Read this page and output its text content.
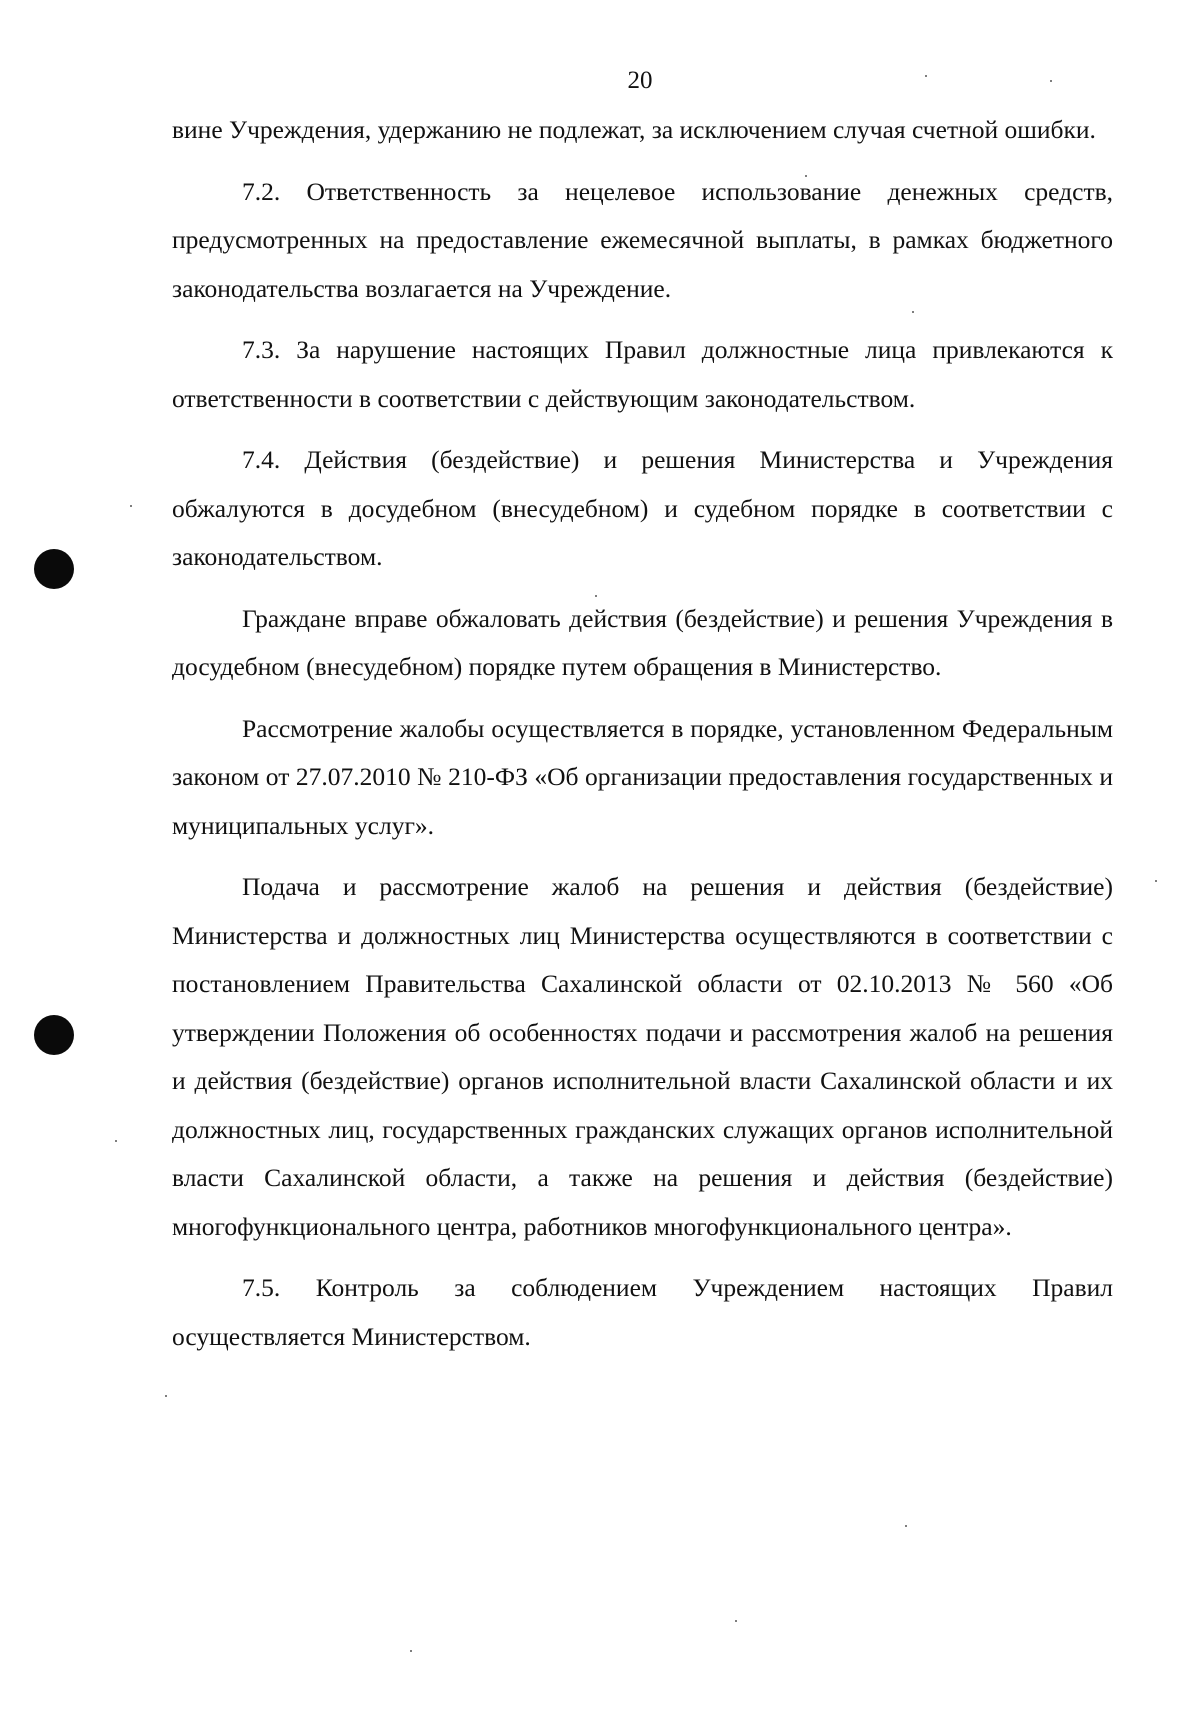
20

вине Учреждения, удержанию не подлежат, за исключением случая счетной ошибки.

7.2. Ответственность за нецелевое использование денежных средств, предусмотренных на предоставление ежемесячной выплаты, в рамках бюджетного законодательства возлагается на Учреждение.

7.3. За нарушение настоящих Правил должностные лица привлекаются к ответственности в соответствии с действующим законодательством.

7.4. Действия (бездействие) и решения Министерства и Учреждения обжалуются в досудебном (внесудебном) и судебном порядке в соответствии с законодательством.

Граждане вправе обжаловать действия (бездействие) и решения Учреждения в досудебном (внесудебном) порядке путем обращения в Министерство.

Рассмотрение жалобы осуществляется в порядке, установленном Федеральным законом от 27.07.2010 № 210-ФЗ «Об организации предоставления государственных и муниципальных услуг».

Подача и рассмотрение жалоб на решения и действия (бездействие) Министерства и должностных лиц Министерства осуществляются в соответствии с постановлением Правительства Сахалинской области от 02.10.2013 № 560 «Об утверждении Положения об особенностях подачи и рассмотрения жалоб на решения и действия (бездействие) органов исполнительной власти Сахалинской области и их должностных лиц, государственных гражданских служащих органов исполнительной власти Сахалинской области, а также на решения и действия (бездействие) многофункционального центра, работников многофункционального центра».

7.5. Контроль за соблюдением Учреждением настоящих Правил осуществляется Министерством.
